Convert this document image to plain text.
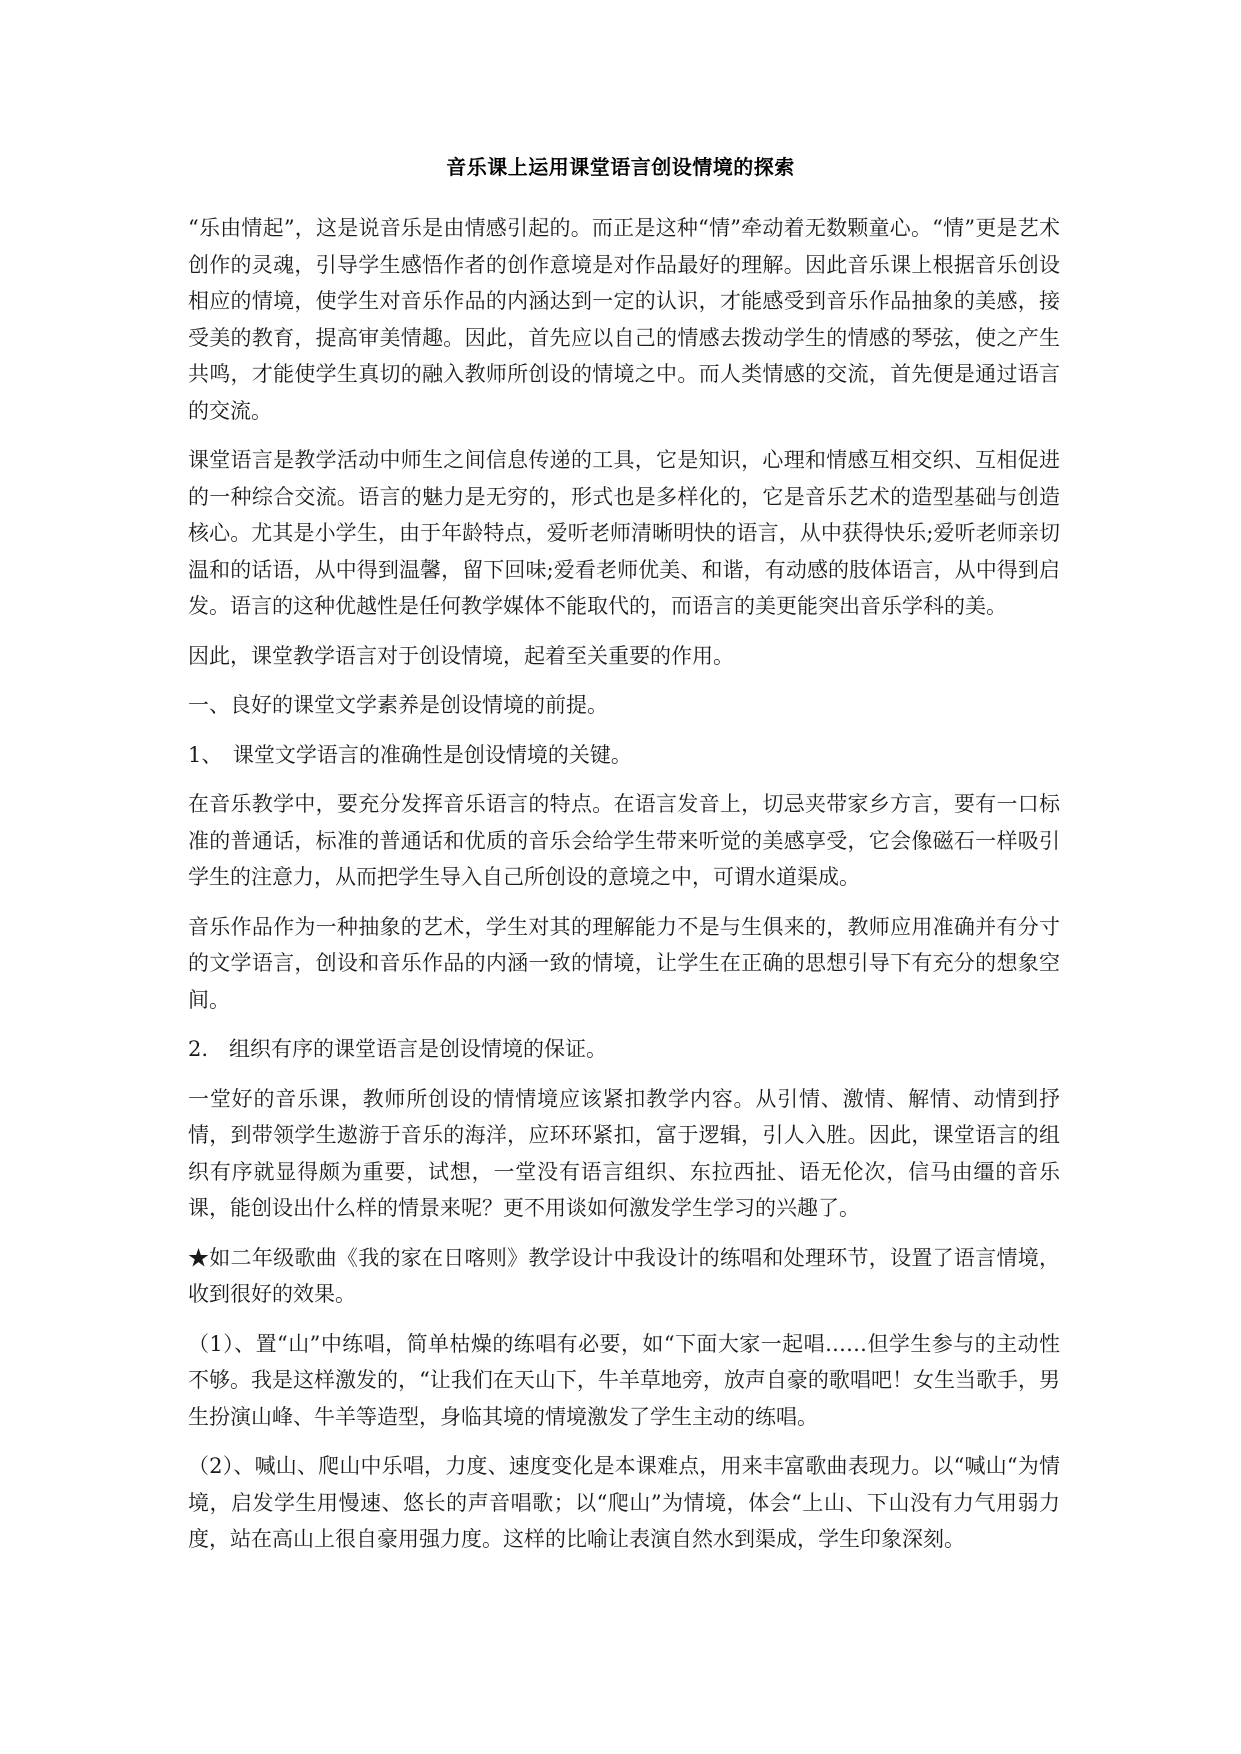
音乐课上运用课堂语言创设情境的探索

“乐由情起”，这是说音乐是由情感引起的。而正是这种“情”牵动着无数颗童心。“情”更是艺术创作的灵魂，引导学生感悟作者的创作意境是对作品最好的理解。因此音乐课上根据音乐创设相应的情境，使学生对音乐作品的内涵达到一定的认识，才能感受到音乐作品抽象的美感，接受美的教育，提高审美情趣。因此，首先应以自己的情感去拨动学生的情感的琴弦，使之产生共鸣，才能使学生真切的融入教师所创设的情境之中。而人类情感的交流，首先便是通过语言的交流。

课堂语言是教学活动中师生之间信息传递的工具，它是知识，心理和情感互相交织、互相促进的一种综合交流。语言的魅力是无穷的，形式也是多样化的，它是音乐艺术的造型基础与创造核心。尤其是小学生，由于年龄特点，爱听老师清晰明快的语言，从中获得快乐;爱听老师亲切温和的话语，从中得到温馨，留下回味;爱看老师优美、和谐，有动感的肢体语言，从中得到启发。语言的这种优越性是任何教学媒体不能取代的，而语言的美更能突出音乐学科的美。

因此，课堂教学语言对于创设情境，起着至关重要的作用。

一、良好的课堂文学素养是创设情境的前提。

1、　课堂文学语言的准确性是创设情境的关键。

在音乐教学中，要充分发挥音乐语言的特点。在语言发音上，切忌夹带家乡方言，要有一口标准的普通话，标准的普通话和优质的音乐会给学生带来听觉的美感享受，它会像磁石一样吸引学生的注意力，从而把学生导入自己所创设的意境之中，可谓水道渠成。

音乐作品作为一种抽象的艺术，学生对其的理解能力不是与生俱来的，教师应用准确并有分寸的文学语言，创设和音乐作品的内涵一致的情境，让学生在正确的思想引导下有充分的想象空间。

2.　组织有序的课堂语言是创设情境的保证。

一堂好的音乐课，教师所创设的情情境应该紧扣教学内容。从引情、激情、解情、动情到抒情，到带领学生遨游于音乐的海洋，应环环紧扣，富于逻辑，引人入胜。因此，课堂语言的组织有序就显得颇为重要，试想，一堂没有语言组织、东拉西扯、语无伦次，信马由缰的音乐课，能创设出什么样的情景来呢？更不用谈如何激发学生学习的兴趣了。

★如二年级歌曲《我的家在日喀则》教学设计中我设计的练唱和处理环节，设置了语言情境，收到很好的效果。

（1）、置“山”中练唱，简单枯燥的练唱有必要，如“下面大家一起唱……但学生参与的主动性不够。我是这样激发的，“让我们在天山下，牛羊草地旁，放声自豪的歌唱吧！女生当歌手，男生扮演山峰、牛羊等造型，身临其境的情境激发了学生主动的练唱。

（2）、喊山、爬山中乐唱，力度、速度变化是本课难点，用来丰富歌曲表现力。以“喊山“为情境，启发学生用慢速、悠长的声音唱歌；以“爬山”为情境，体会“上山、下山没有力气用弱力度，站在高山上很自豪用强力度。这样的比喻让表演自然水到渠成，学生印象深刻。
